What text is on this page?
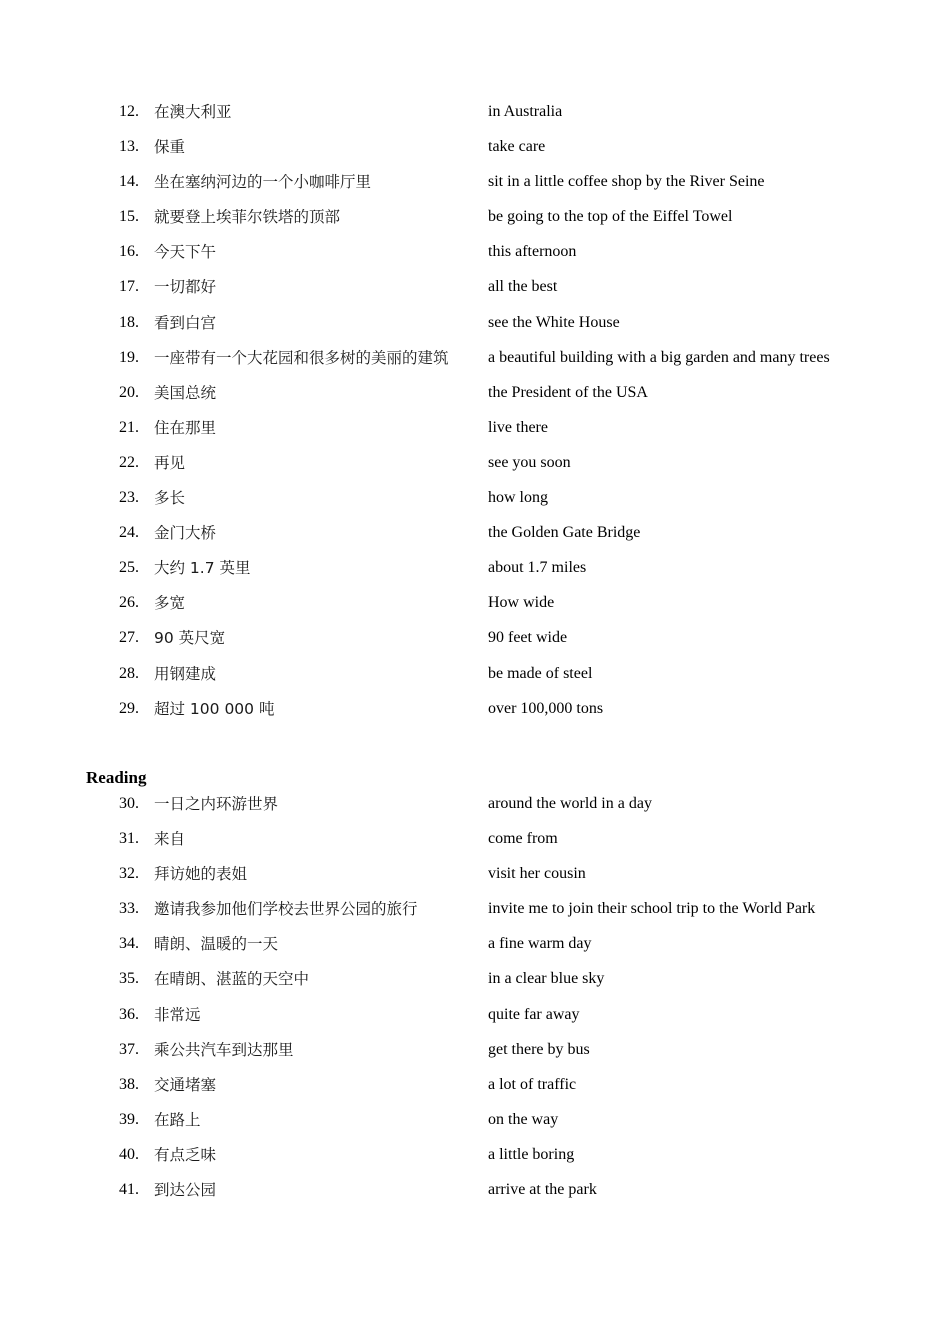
12. 在澳大利亚	in Australia
13. 保重	take care
14. 坐在塞纳河边的一个小咖啡厅里	sit in a little coffee shop by the River Seine
15. 就要登上埃菲尔铁塔的顶部	be going to the top of the Eiffel Towel
16. 今天下午	this afternoon
17. 一切都好	all the best
18. 看到白宫	see the White House
19. 一座带有一个大花园和很多树的美丽的建筑 a beautiful building with a big garden and many trees
20. 美国总统	the President of the USA
21. 住在那里	live there
22. 再见	see you soon
23. 多长	how long
24. 金门大桥	the Golden Gate Bridge
25. 大约 1.7 英里	about 1.7 miles
26. 多宽	How wide
27. 90 英尺宽	90 feet wide
28. 用钢建成	be made of steel
29. 超过 100 000 吨	over 100,000 tons
Reading
30. 一日之内环游世界	around the world in a day
31. 来自	come from
32. 拜访她的表姐	visit her cousin
33. 邀请我参加他们学校去世界公园的旅行	invite me to join their school trip to the World Park
34. 晴朗、温暖的一天	a fine warm day
35. 在晴朗、湛蓝的天空中	in a clear blue sky
36. 非常远	quite far away
37. 乘公共汽车到达那里	get there by bus
38. 交通堵塞	a lot of traffic
39. 在路上	on the way
40. 有点乏味	a little boring
41. 到达公园	arrive at the park
